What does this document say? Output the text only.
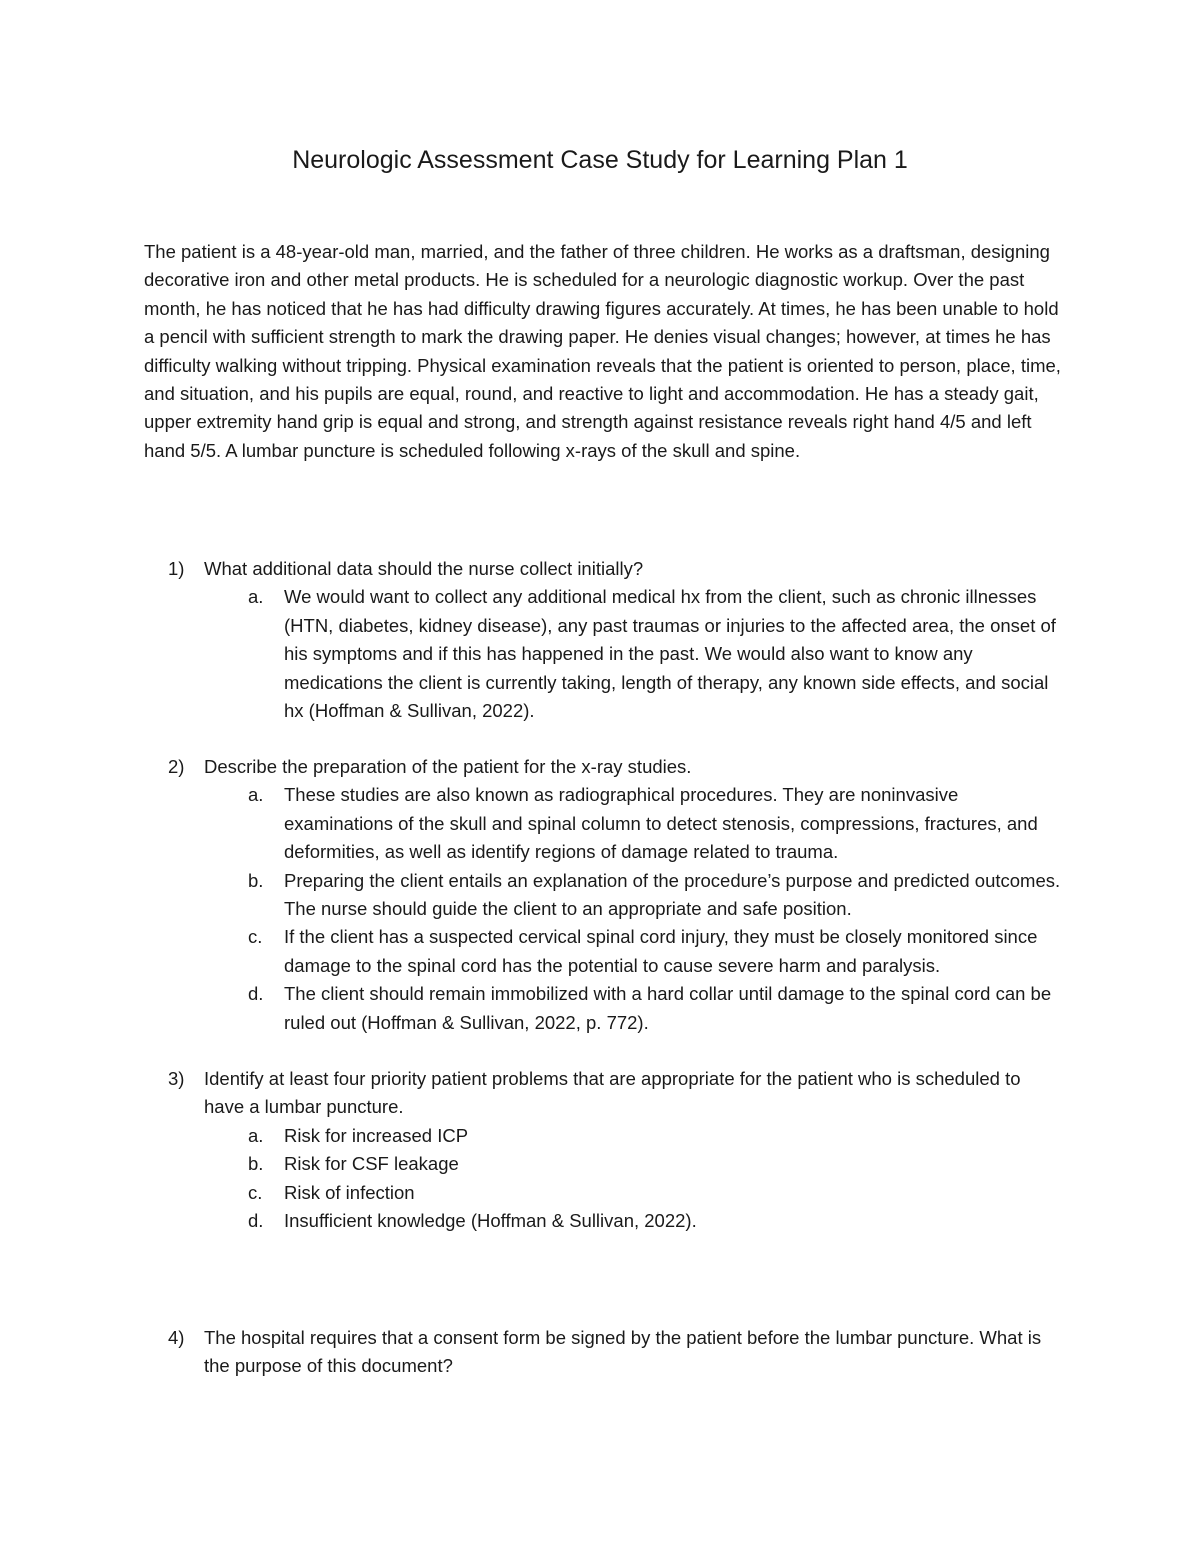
Neurologic Assessment Case Study for Learning Plan 1

The patient is a 48-year-old man, married, and the father of three children. He works as a draftsman, designing decorative iron and other metal products. He is scheduled for a neurologic diagnostic workup. Over the past month, he has noticed that he has had difficulty drawing figures accurately. At times, he has been unable to hold a pencil with sufficient strength to mark the drawing paper. He denies visual changes; however, at times he has difficulty walking without tripping. Physical examination reveals that the patient is oriented to person, place, time, and situation, and his pupils are equal, round, and reactive to light and accommodation. He has a steady gait, upper extremity hand grip is equal and strong, and strength against resistance reveals right hand 4/5 and left hand 5/5. A lumbar puncture is scheduled following x-rays of the skull and spine.

1) What additional data should the nurse collect initially?
a. We would want to collect any additional medical hx from the client, such as chronic illnesses (HTN, diabetes, kidney disease), any past traumas or injuries to the affected area, the onset of his symptoms and if this has happened in the past. We would also want to know any medications the client is currently taking, length of therapy, any known side effects, and social hx (Hoffman & Sullivan, 2022).
2) Describe the preparation of the patient for the x-ray studies.
a. These studies are also known as radiographical procedures. They are noninvasive examinations of the skull and spinal column to detect stenosis, compressions, fractures, and deformities, as well as identify regions of damage related to trauma.
b. Preparing the client entails an explanation of the procedure’s purpose and predicted outcomes. The nurse should guide the client to an appropriate and safe position.
c. If the client has a suspected cervical spinal cord injury, they must be closely monitored since damage to the spinal cord has the potential to cause severe harm and paralysis.
d. The client should remain immobilized with a hard collar until damage to the spinal cord can be ruled out (Hoffman & Sullivan, 2022, p. 772).
3) Identify at least four priority patient problems that are appropriate for the patient who is scheduled to have a lumbar puncture.
a. Risk for increased ICP
b. Risk for CSF leakage
c. Risk of infection
d. Insufficient knowledge (Hoffman & Sullivan, 2022).
4) The hospital requires that a consent form be signed by the patient before the lumbar puncture. What is the purpose of this document?
